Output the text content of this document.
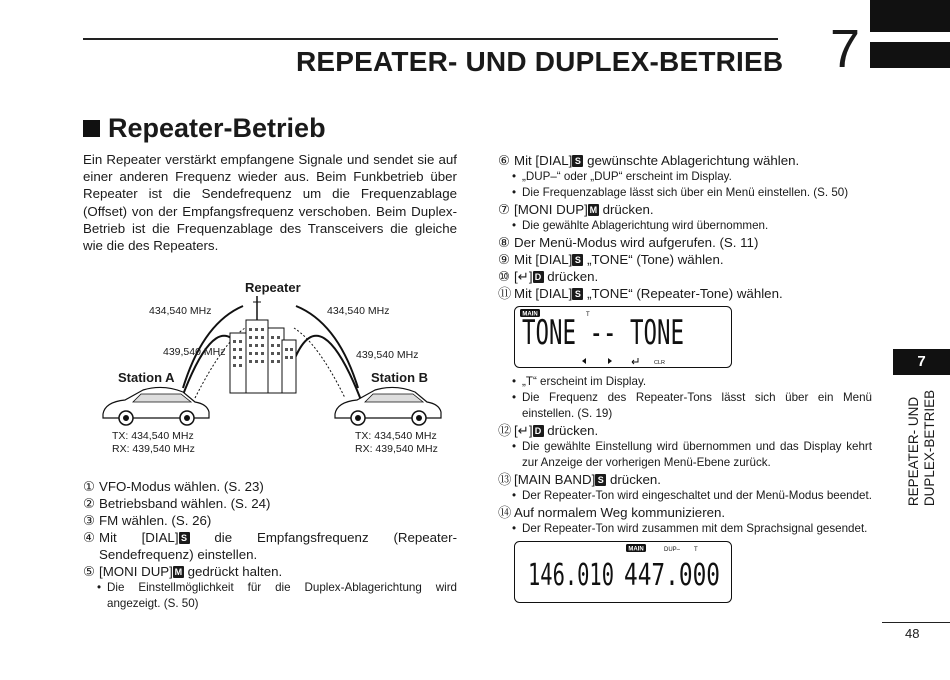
7
REPEATER- UND DUPLEX-BETRIEB
Repeater-Betrieb
Ein Repeater verstärkt empfangene Signale und sendet sie auf einer anderen Frequenz wieder aus. Beim Funkbetrieb über Repeater ist die Sendefrequenz um die Frequenzablage (Offset) von der Empfangsfrequenz verschoben. Beim Duplex-Betrieb ist die Frequenzablage des Transceivers die gleiche wie die des Repeaters.
Repeater
434,540 MHz	434,540 MHz
439,540 MHz	439,540 MHz
Station A	Station B
TX: 434,540 MHz
RX: 439,540 MHz
TX: 434,540 MHz
RX: 439,540 MHz
① VFO-Modus wählen. (S. 23)
② Betriebsband wählen. (S. 24)
③ FM wählen. (S. 26)
④ Mit [DIAL] S die Empfangsfrequenz (Repeater-Sendefrequenz) einstellen.
⑤ [MONI DUP] M gedrückt halten.
• Die Einstellmöglichkeit für die Duplex-Ablagerichtung wird angezeigt. (S. 50)
⑥ Mit [DIAL] S gewünschte Ablagerichtung wählen.
• „DUP–“ oder „DUP“ erscheint im Display.
• Die Frequenzablage lässt sich über ein Menü einstellen. (S. 50)
⑦ [MONI DUP] M drücken.
• Die gewählte Ablagerichtung wird übernommen.
⑧ Der Menü-Modus wird aufgerufen. (S. 11)
⑨ Mit [DIAL] S „TONE“ (Tone) wählen.
⑩ [↵] D drücken.
⑪ Mit [DIAL] S „TONE“ (Repeater-Tone) wählen.
MAIN	T
TONE -- TONE
CLR
• „T“ erscheint im Display.
• Die Frequenz des Repeater-Tons lässt sich über ein Menü einstellen. (S. 19)
⑫ [↵] D drücken.
• Die gewählte Einstellung wird übernommen und das Display kehrt zur Anzeige der vorherigen Menü-Ebene zurück.
⑬ [MAIN BAND] S drücken.
• Der Repeater-Ton wird eingeschaltet und der Menü-Modus beendet.
⑭ Auf normalem Weg kommunizieren.
• Der Repeater-Ton wird zusammen mit dem Sprachsignal gesendet.
MAIN	DUP– T
146.010 447.000
7
REPEATER- UND DUPLEX-BETRIEB
48
